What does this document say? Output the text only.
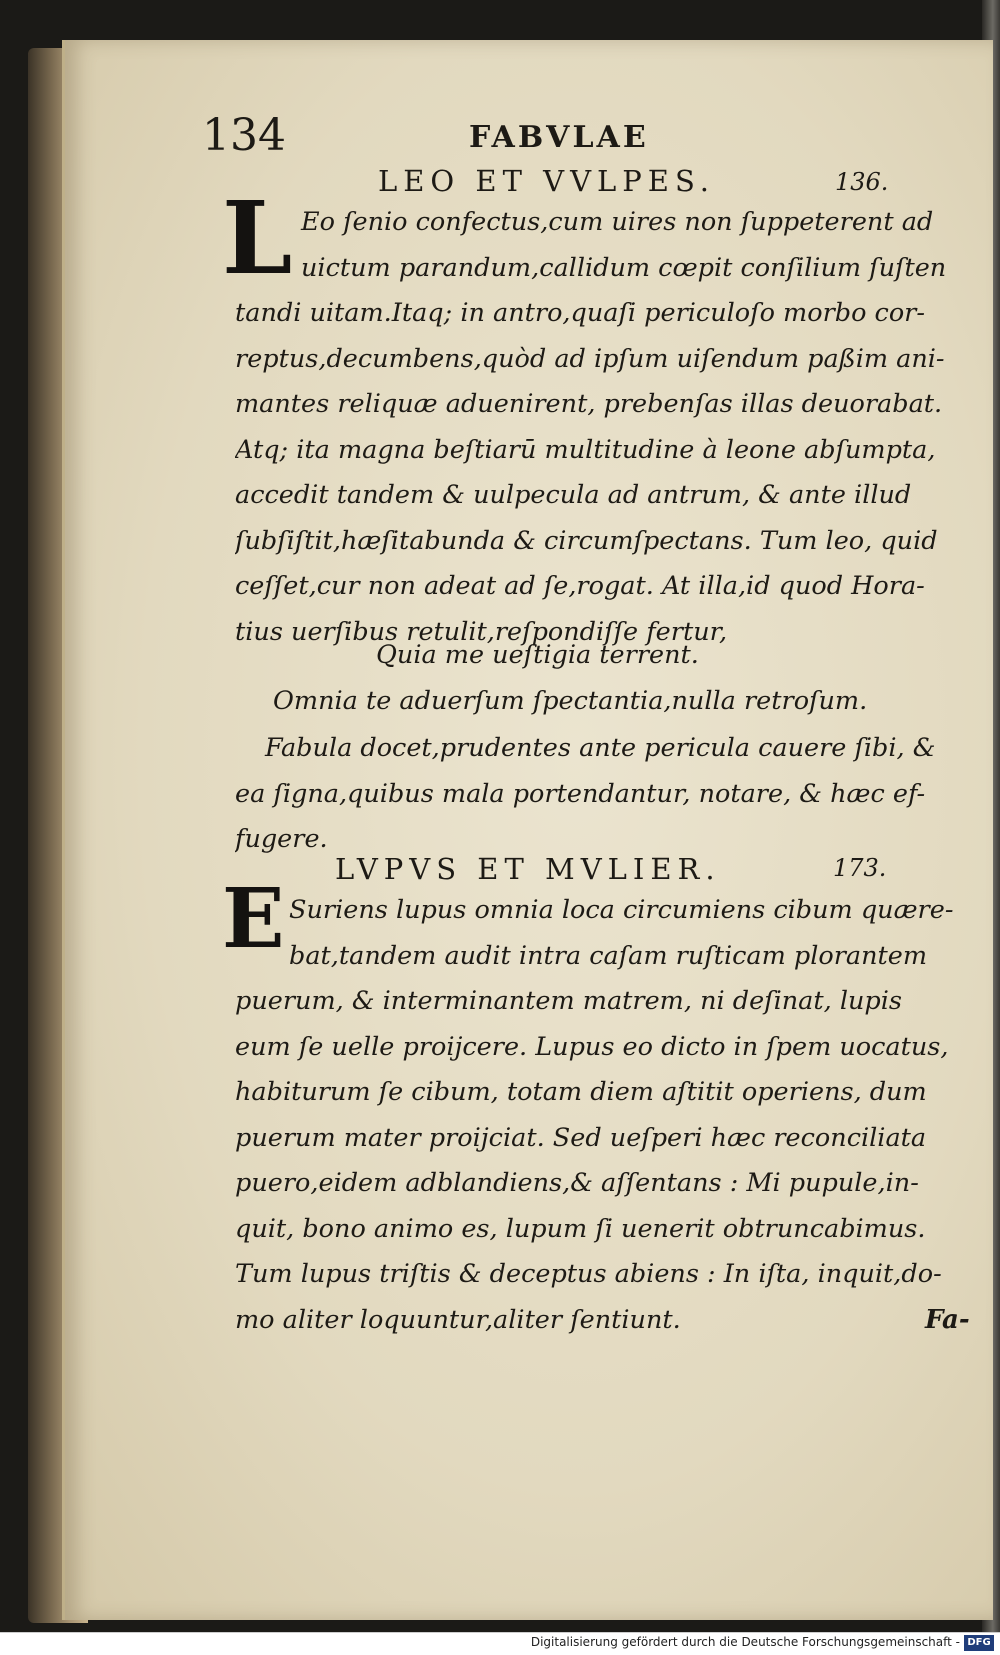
134	FABVLAE
LEO ET VVLPES.	136.
L Eo ſenio confectus,cum uires non ſuppeterent ad
uictum parandum,callidum cœpit conſilium ſuſten
tandi uitam.Itaq; in antro,quaſi periculoſo morbo cor-
reptus,decumbens,quòd ad ipſum uiſendum paßim ani-
mantes reliquæ aduenirent, prebenſas illas deuorabat.
Atq; ita magna beſtiarū multitudine à leone abſumpta,
accedit tandem & uulpecula ad antrum, & ante illud
ſubſiſtit,hæſitabunda & circumſpectans. Tum leo, quid
ceſſet,cur non adeat ad ſe,rogat. At illa,id quod Hora-
tius uerſibus retulit,reſpondiſſe fertur,
Quia me ueſtigia terrent.
Omnia te aduerſum ſpectantia,nulla retroſum.
Fabula docet,prudentes ante pericula cauere ſibi, &
ea ſigna,quibus mala portendantur, notare, & hæc ef-
fugere.
LVPVS ET MVLIER.	173.
E Suriens lupus omnia loca circumiens cibum quære-
bat,tandem audit intra caſam ruſticam plorantem
puerum, & interminantem matrem, ni deſinat, lupis
eum ſe uelle proijcere. Lupus eo dicto in ſpem uocatus,
habiturum ſe cibum, totam diem aſtitit operiens, dum
puerum mater proijciat. Sed ueſperi hæc reconciliata
puero,eidem adblandiens,& aſſentans : Mi pupule,in-
quit, bono animo es, lupum ſi uenerit obtruncabimus.
Tum lupus triſtis & deceptus abiens : In iſta, inquit,do-
mo aliter loquuntur,aliter ſentiunt.	Fa-
Digitalisierung gefördert durch die Deutsche Forschungsgemeinschaft - DFG
